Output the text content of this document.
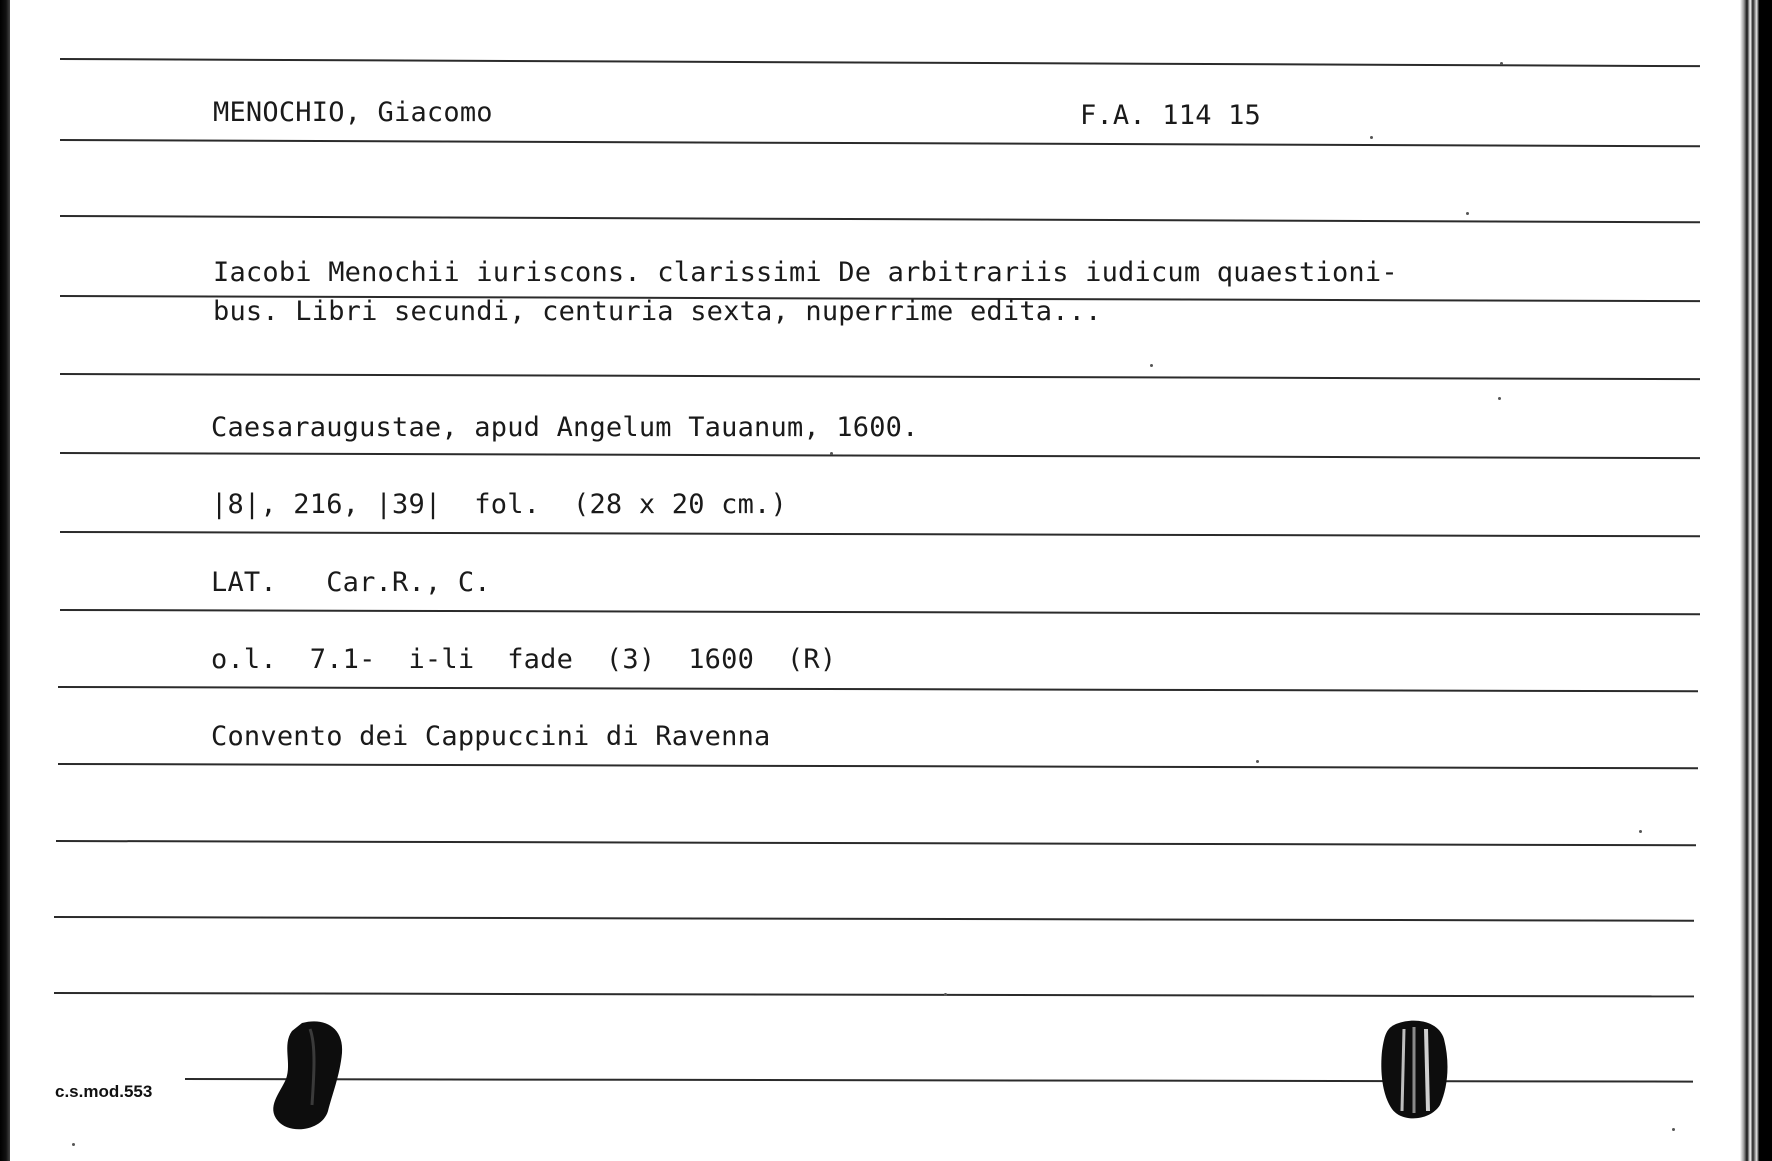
MENOCHIO, Giacomo	F.A. 114 15
Iacobi Menochii iuriscons. clarissimi De arbitrariis iudicum quaestioni-
bus. Libri secundi, centuria sexta, nuperrime edita...
Caesaraugustae, apud Angelum Tauanum, 1600.
|8|, 216, |39|  fol.  (28 x 20 cm.)
LAT.   Car.R., C.
o.l.  7.1-  i-li  fade  (3)  1600  (R)
Convento dei Cappuccini di Ravenna
c.s.mod.553
